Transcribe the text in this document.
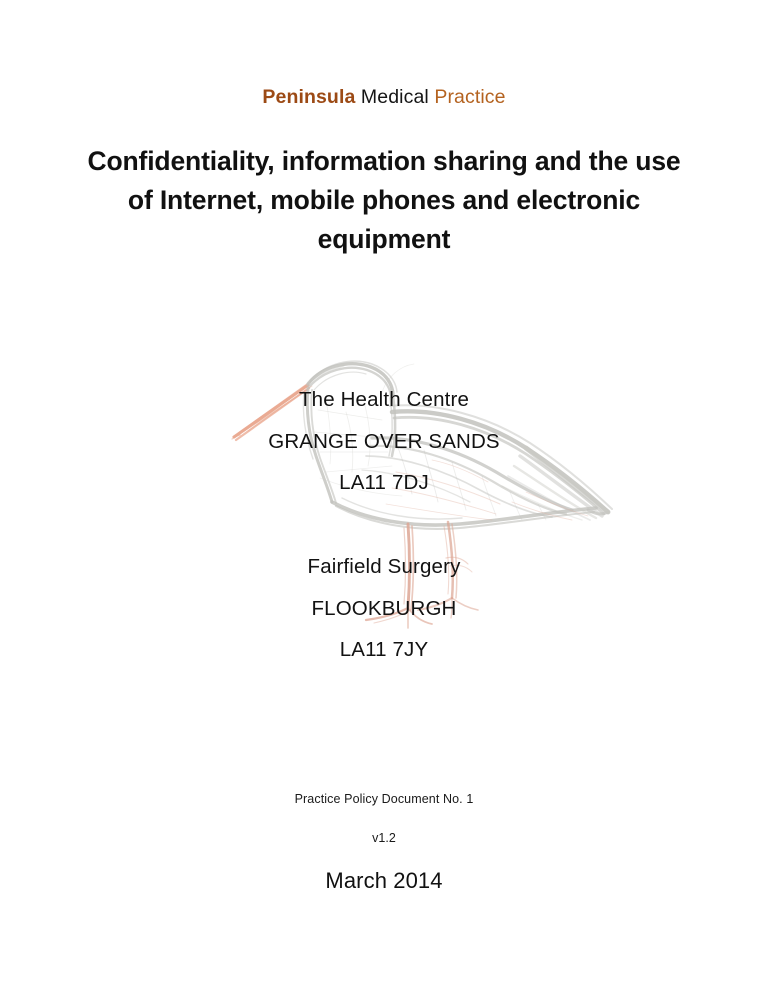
Peninsula Medical Practice
Confidentiality, information sharing and the use of Internet, mobile phones and electronic equipment
The Health Centre
GRANGE OVER SANDS
LA11 7DJ
Fairfield Surgery
FLOOKBURGH
LA11 7JY
Practice Policy Document No. 1
v1.2
March 2014
